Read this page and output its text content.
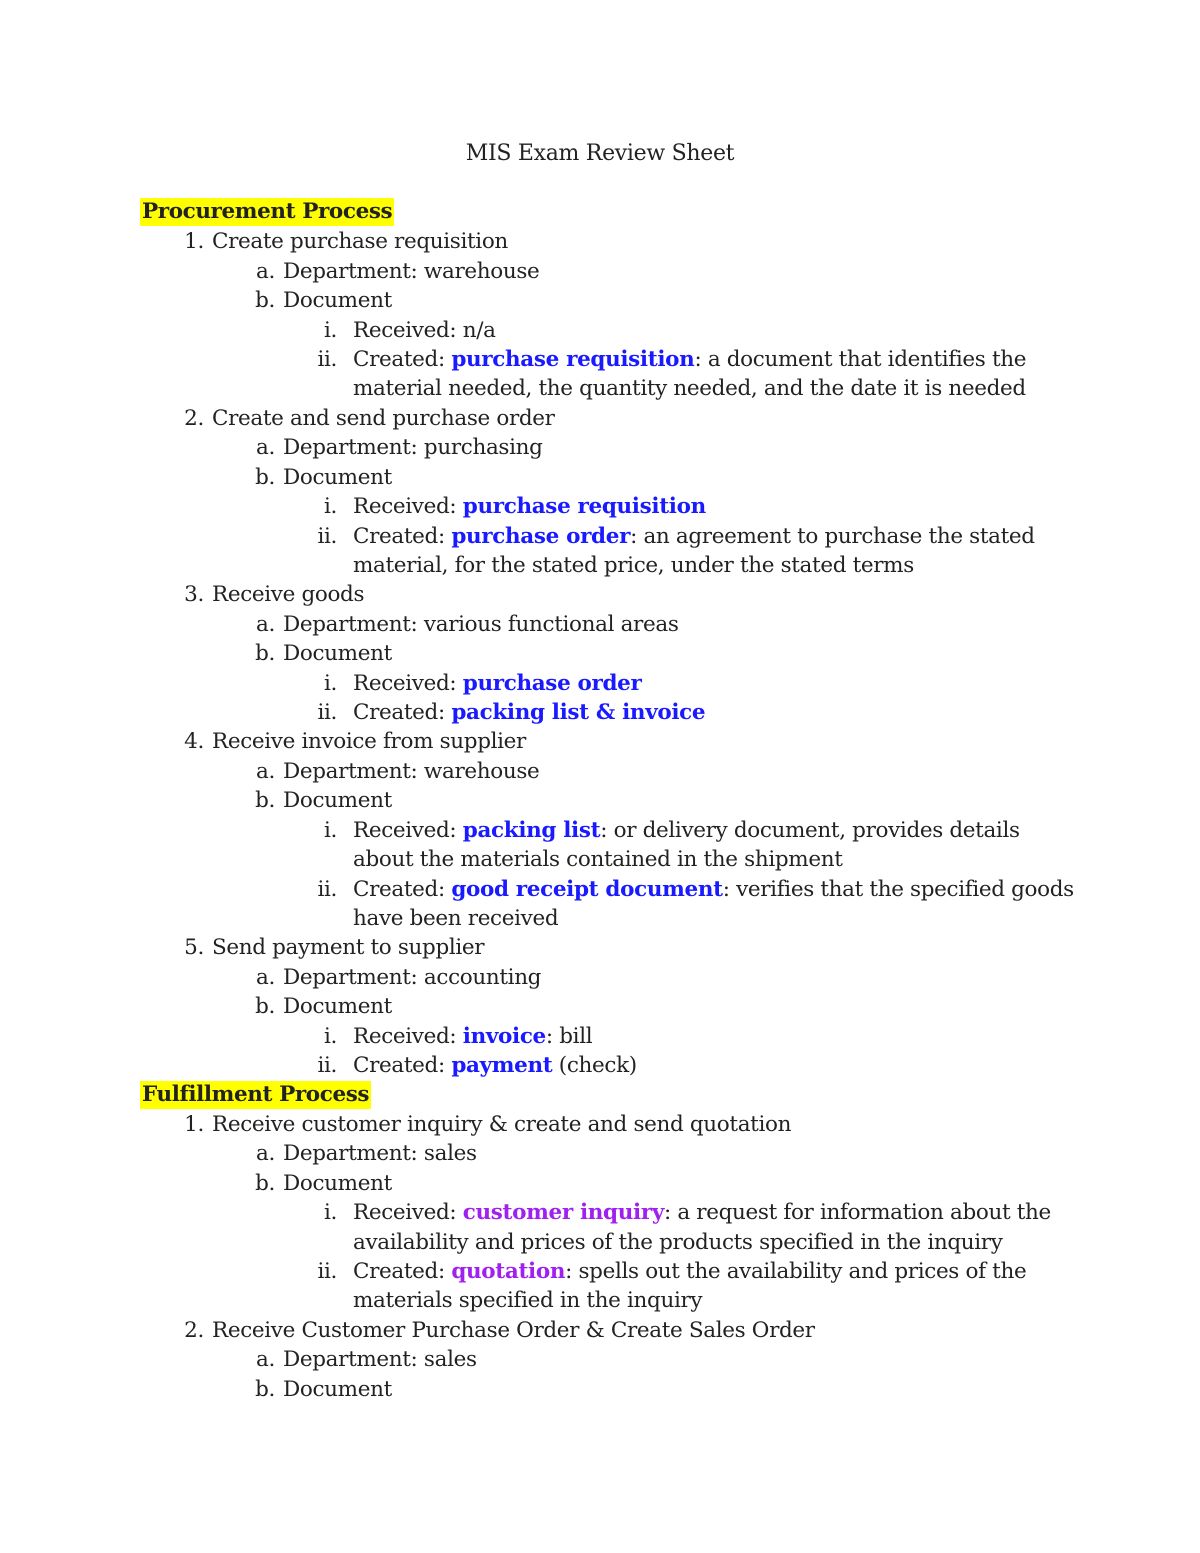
MIS Exam Review Sheet
Procurement Process
1. Create purchase requisition
a. Department: warehouse
b. Document
i. Received: n/a
ii. Created: purchase requisition: a document that identifies the
material needed, the quantity needed, and the date it is needed
2. Create and send purchase order
a. Department: purchasing
b. Document
i. Received: purchase requisition
ii. Created: purchase order: an agreement to purchase the stated
material, for the stated price, under the stated terms
3. Receive goods
a. Department: various functional areas
b. Document
i. Received: purchase order
ii. Created: packing list & invoice
4. Receive invoice from supplier
a. Department: warehouse
b. Document
i. Received: packing list: or delivery document, provides details
about the materials contained in the shipment
ii. Created: good receipt document: verifies that the specified goods
have been received
5. Send payment to supplier
a. Department: accounting
b. Document
i. Received: invoice: bill
ii. Created: payment (check)
Fulfillment Process
1. Receive customer inquiry & create and send quotation
a. Department: sales
b. Document
i. Received: customer inquiry: a request for information about the
availability and prices of the products specified in the inquiry
ii. Created: quotation: spells out the availability and prices of the
materials specified in the inquiry
2. Receive Customer Purchase Order & Create Sales Order
a. Department: sales
b. Document
